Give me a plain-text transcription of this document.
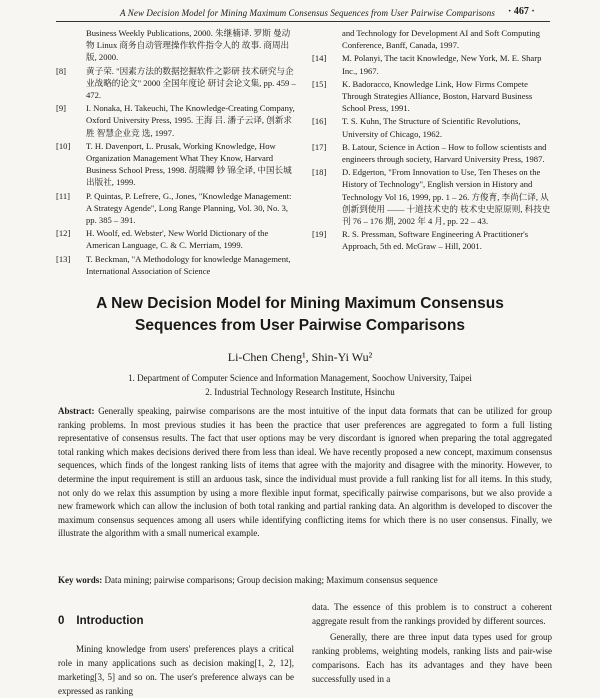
A New Decision Model for Mining Maximum Consensus Sequences from User Pairwise Comparisons · 467 ·
Business Weekly Publications, 2000. 朱继楠译. 罗斯 曼动物 Linux 商务自动管理操作软件指令人的 故事. 商周出版, 2000.
[8]	黄子荣. "因素方法的数据挖掘软件之影研 技术研究与企业战略的论文" 2000 全国年度论 研讨会论文集, pp. 459 – 472.
[9]	I. Nonaka, H. Takeuchi, The Knowledge-Creating Company, Oxford University Press, 1995. 王海 吕. 潘子云译, 创新求胜 智慧企业竞 选, 1997.
[10]	T. H. Davenport, L. Prusak, Working Knowledge, How Organization Management What They Know, Harvard Business School Press, 1998. 胡瑞卿 钞 锦全译, 中国长城出版社, 1999.
[11]	P. Quintas, P. Lefrere, G., Jones, "Knowledge Management: A Strategy Agende", Long Range Planning, Vol. 30, No. 3, pp. 385 – 391.
[12]	H. Woolf, ed. Webster', New World Dictionary of the American Language, C. & C. Merriam, 1999.
[13]	T. Beckman, "A Methodology for knowledge Management, International Association of Science
and Technology for Development AI and Soft Computing Conference, Banff, Canada, 1997.
[14]	M. Polanyi, The tacit Knowledge, New York, M. E. Sharp Inc., 1967.
[15]	K. Badoracco, Knowledge Link, How Firms Compete Through Strategies Alliance, Boston, Harvard Business School Press, 1991.
[16]	T. S. Kuhn, The Structure of Scientific Revolutions, University of Chicago, 1962.
[17]	B. Latour, Science in Action – How to follow scientists and engineers through society, Harvard University Press, 1987.
[18]	D. Edgerton, "From Innovation to Use, Ten Theses on the History of Technology", English version in History and Technology Vol 16, 1999, pp. 1 – 26. 方俊育, 李尚仁译, 从创新到使用 —— 十道技术史的 枝术史史原原则, 科技史刊 76 – 176 期, 2002 年 4 月, pp. 22 – 43.
[19]	R. S. Pressman, Software Engineering A Practitioner's Approach, 5th ed. McGraw – Hill, 2001.
A New Decision Model for Mining Maximum Consensus
Sequences from User Pairwise Comparisons
Li-Chen Cheng¹, Shin-Yi Wu²
1. Department of Computer Science and Information Management, Soochow University, Taipei
2. Industrial Technology Research Institute, Hsinchu
Abstract: Generally speaking, pairwise comparisons are the most intuitive of the input data formats that can be utilized for group ranking problems. In most previous studies it has been the practice that user preferences are aggregated to form a full listing representative of consensus results. The fact that user options may be very discordant is ignored when preparing the total aggregated total ranking which makes decisions derived there from less than ideal. We have recently proposed a new concept, maximum consensus sequences, which finds of the longest ranking lists of items that agree with the majority and disagree with the minority. However, to determine the input requirement is still an arduous task, since the individual must provide a full ranking list for all items. In this study, not only do we relax this assumption by using a more flexible input format, specifically pairwise comparisons, but we also provide a new framework which can allow the inclusion of both total ranking and partial ranking data. An algorithm is developed to discover the maximum consensus sequences among all users while identifying conflicting items for which there is no user consensus. Finally, we illustrate the algorithm with a small numerical example.
Key words: Data mining; pairwise comparisons; Group decision making; Maximum consensus sequence
0 Introduction

Mining knowledge from users' preferences plays a critical role in many applications such as decision making[1, 2, 12], marketing[3, 5] and so on. The user's preference always can be expressed as ranking

data. The essence of this problem is to construct a coherent aggregate result from the rankings provided by different sources.

Generally, there are three input data types used for group ranking problems, weighting models, ranking lists and pair-wise comparisons. Each has its advantages and they have been successfully used in a
